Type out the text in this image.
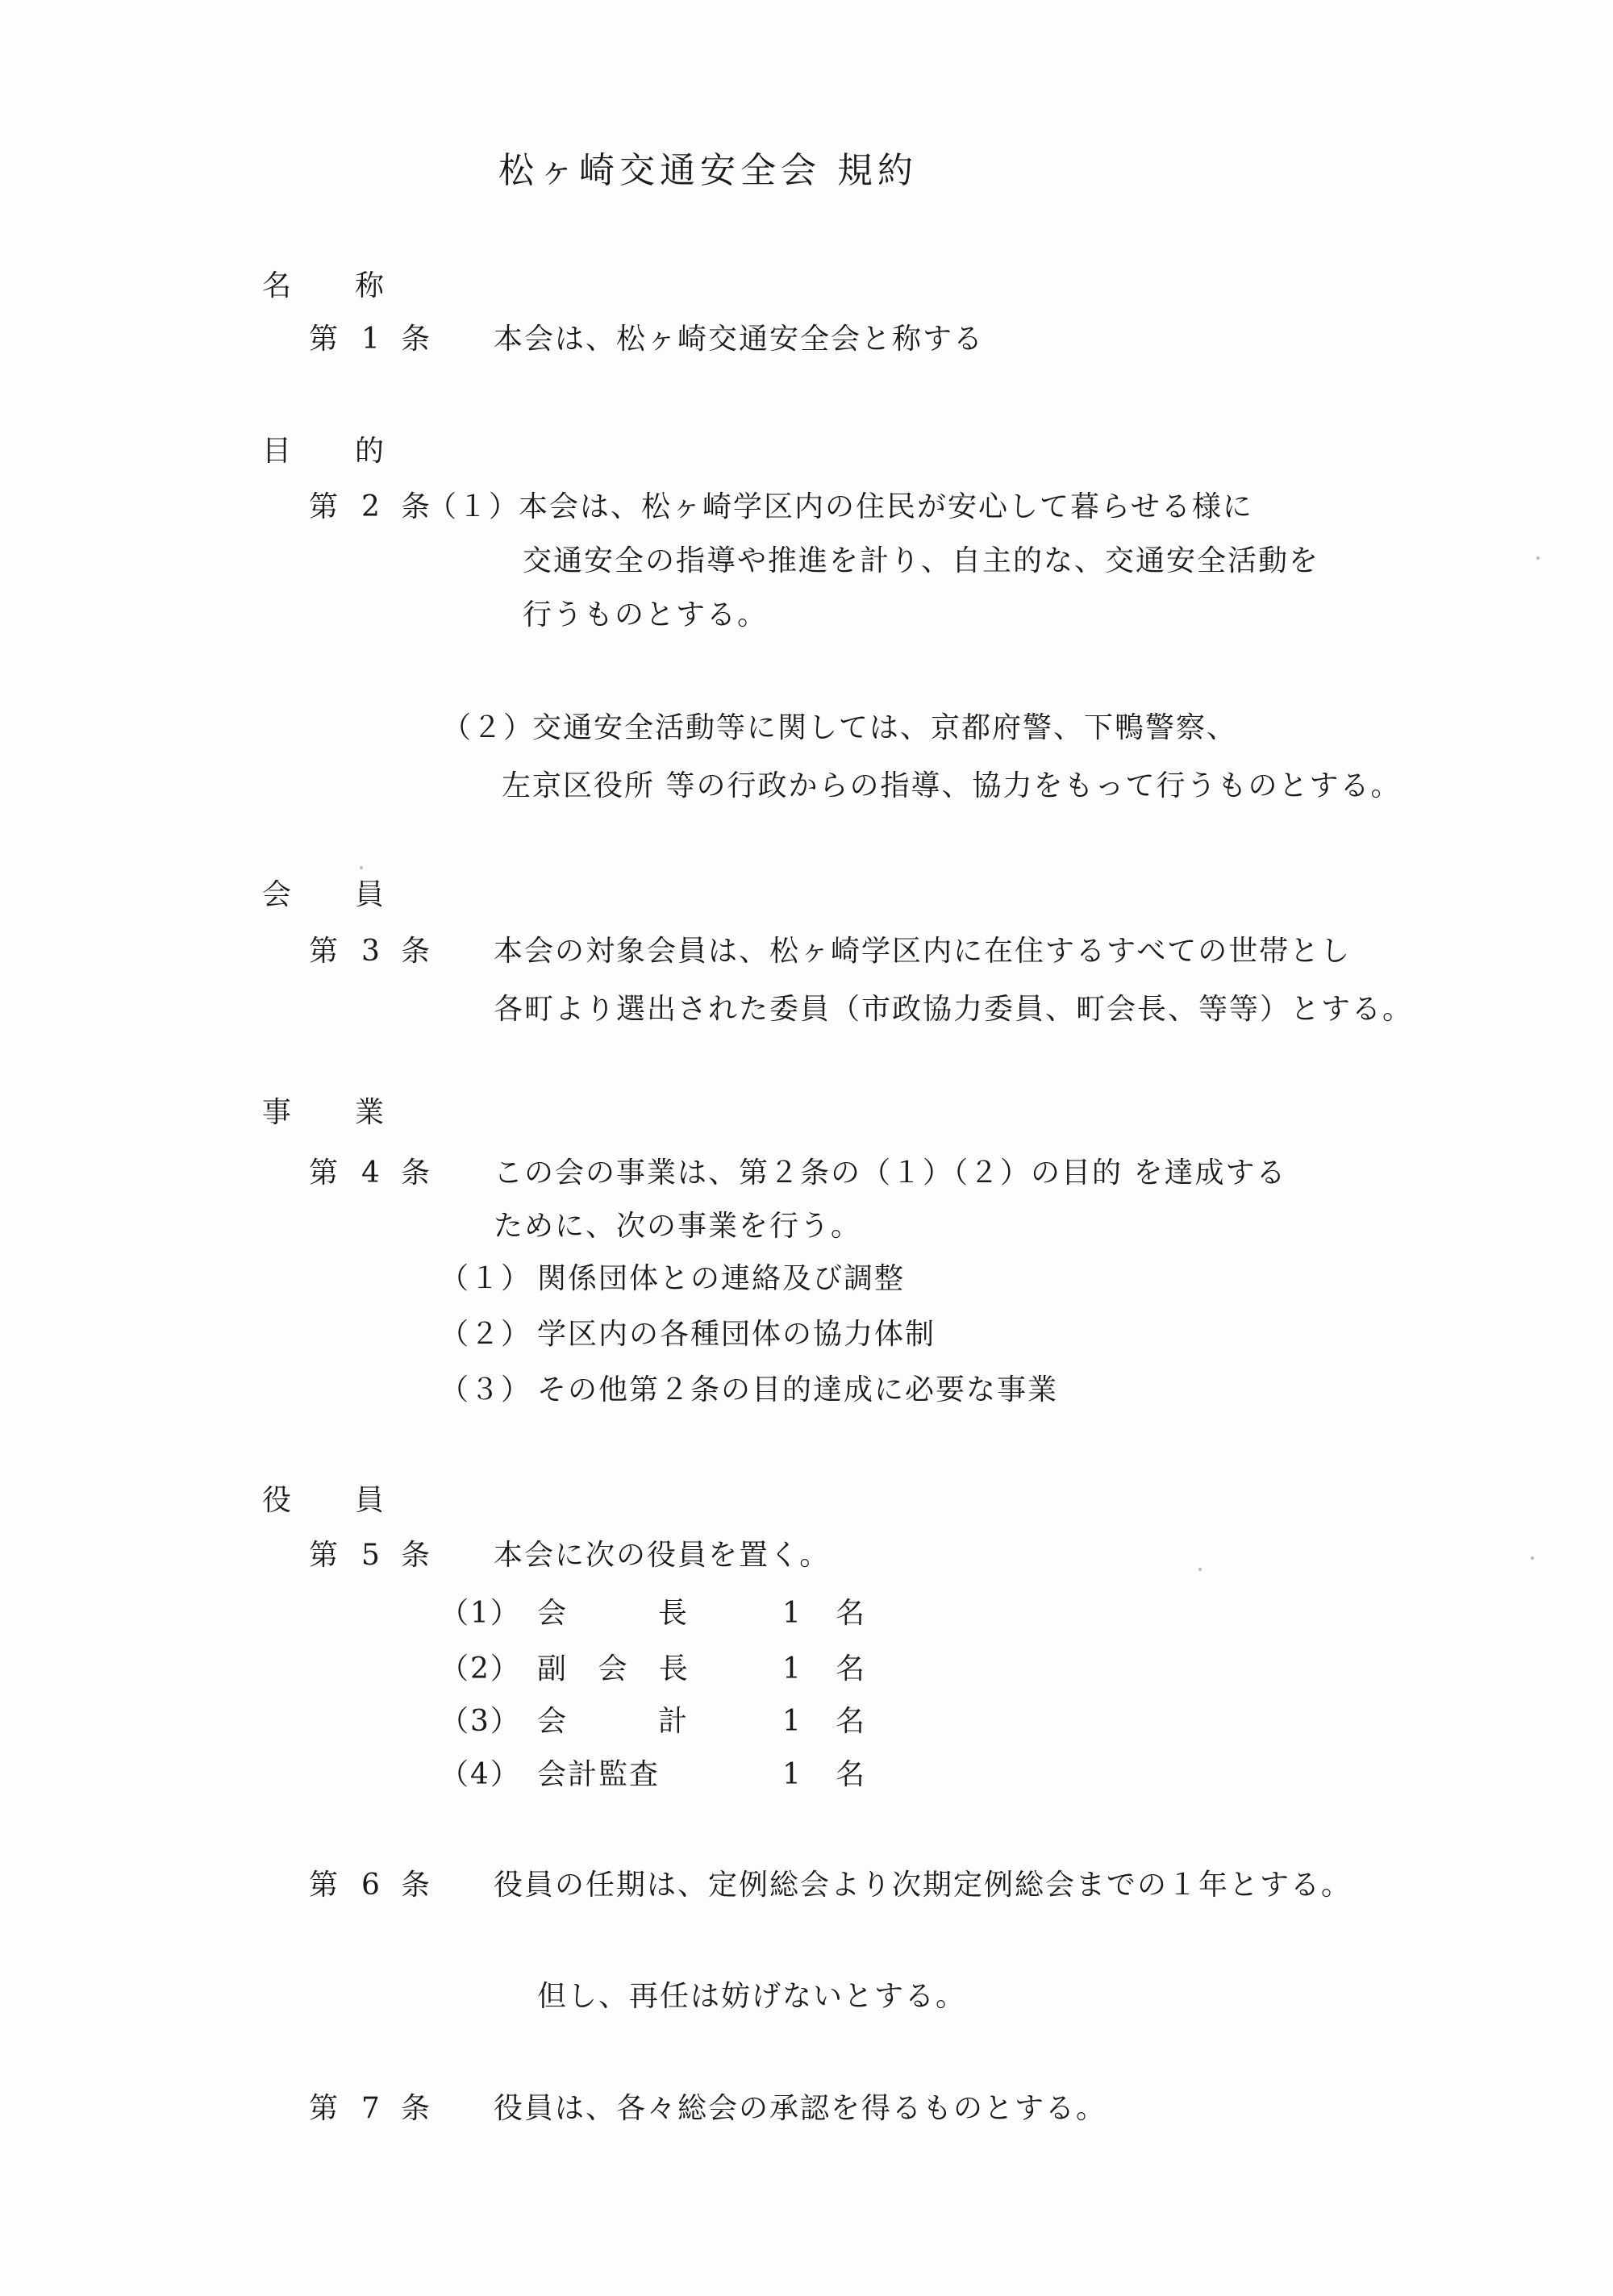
松ヶ崎交通安全会 規約
名 称
第 1 条 本会は、松ヶ崎交通安全会と称する
目 的
第 2 条
（１）
本会は、松ヶ崎学区内の住民が安心して暮らせる様に
交通安全の指導や推進を計り、自主的な、交通安全活動を
行うものとする。
（２）
交通安全活動等に関しては、京都府警、下鴨警察、
左京区役所 等の行政からの指導、協力をもって行うものとする。
会 員
第 3 条 本会の対象会員は、松ヶ崎学区内に在住するすべての世帯とし
各町より選出された委員（市政協力委員、町会長、等等）とする。
事 業
第 4 条 この会の事業は、第２条の（１）（２）の目的 を達成する
ために、次の事業を行う。
（１） 関係団体との連絡及び調整
（２） 学区内の各種団体の協力体制
（３） その他第２条の目的達成に必要な事業
役 員
第 5 条 本会に次の役員を置く。
（1） 会　　長	1 名
（2） 副 会 長	1 名
（3） 会　　計	1 名
（4） 会計監査	1 名
第 6 条 役員の任期は、定例総会より次期定例総会までの１年とする。
但し、再任は妨げないとする。
第 7 条 役員は、各々総会の承認を得るものとする。
